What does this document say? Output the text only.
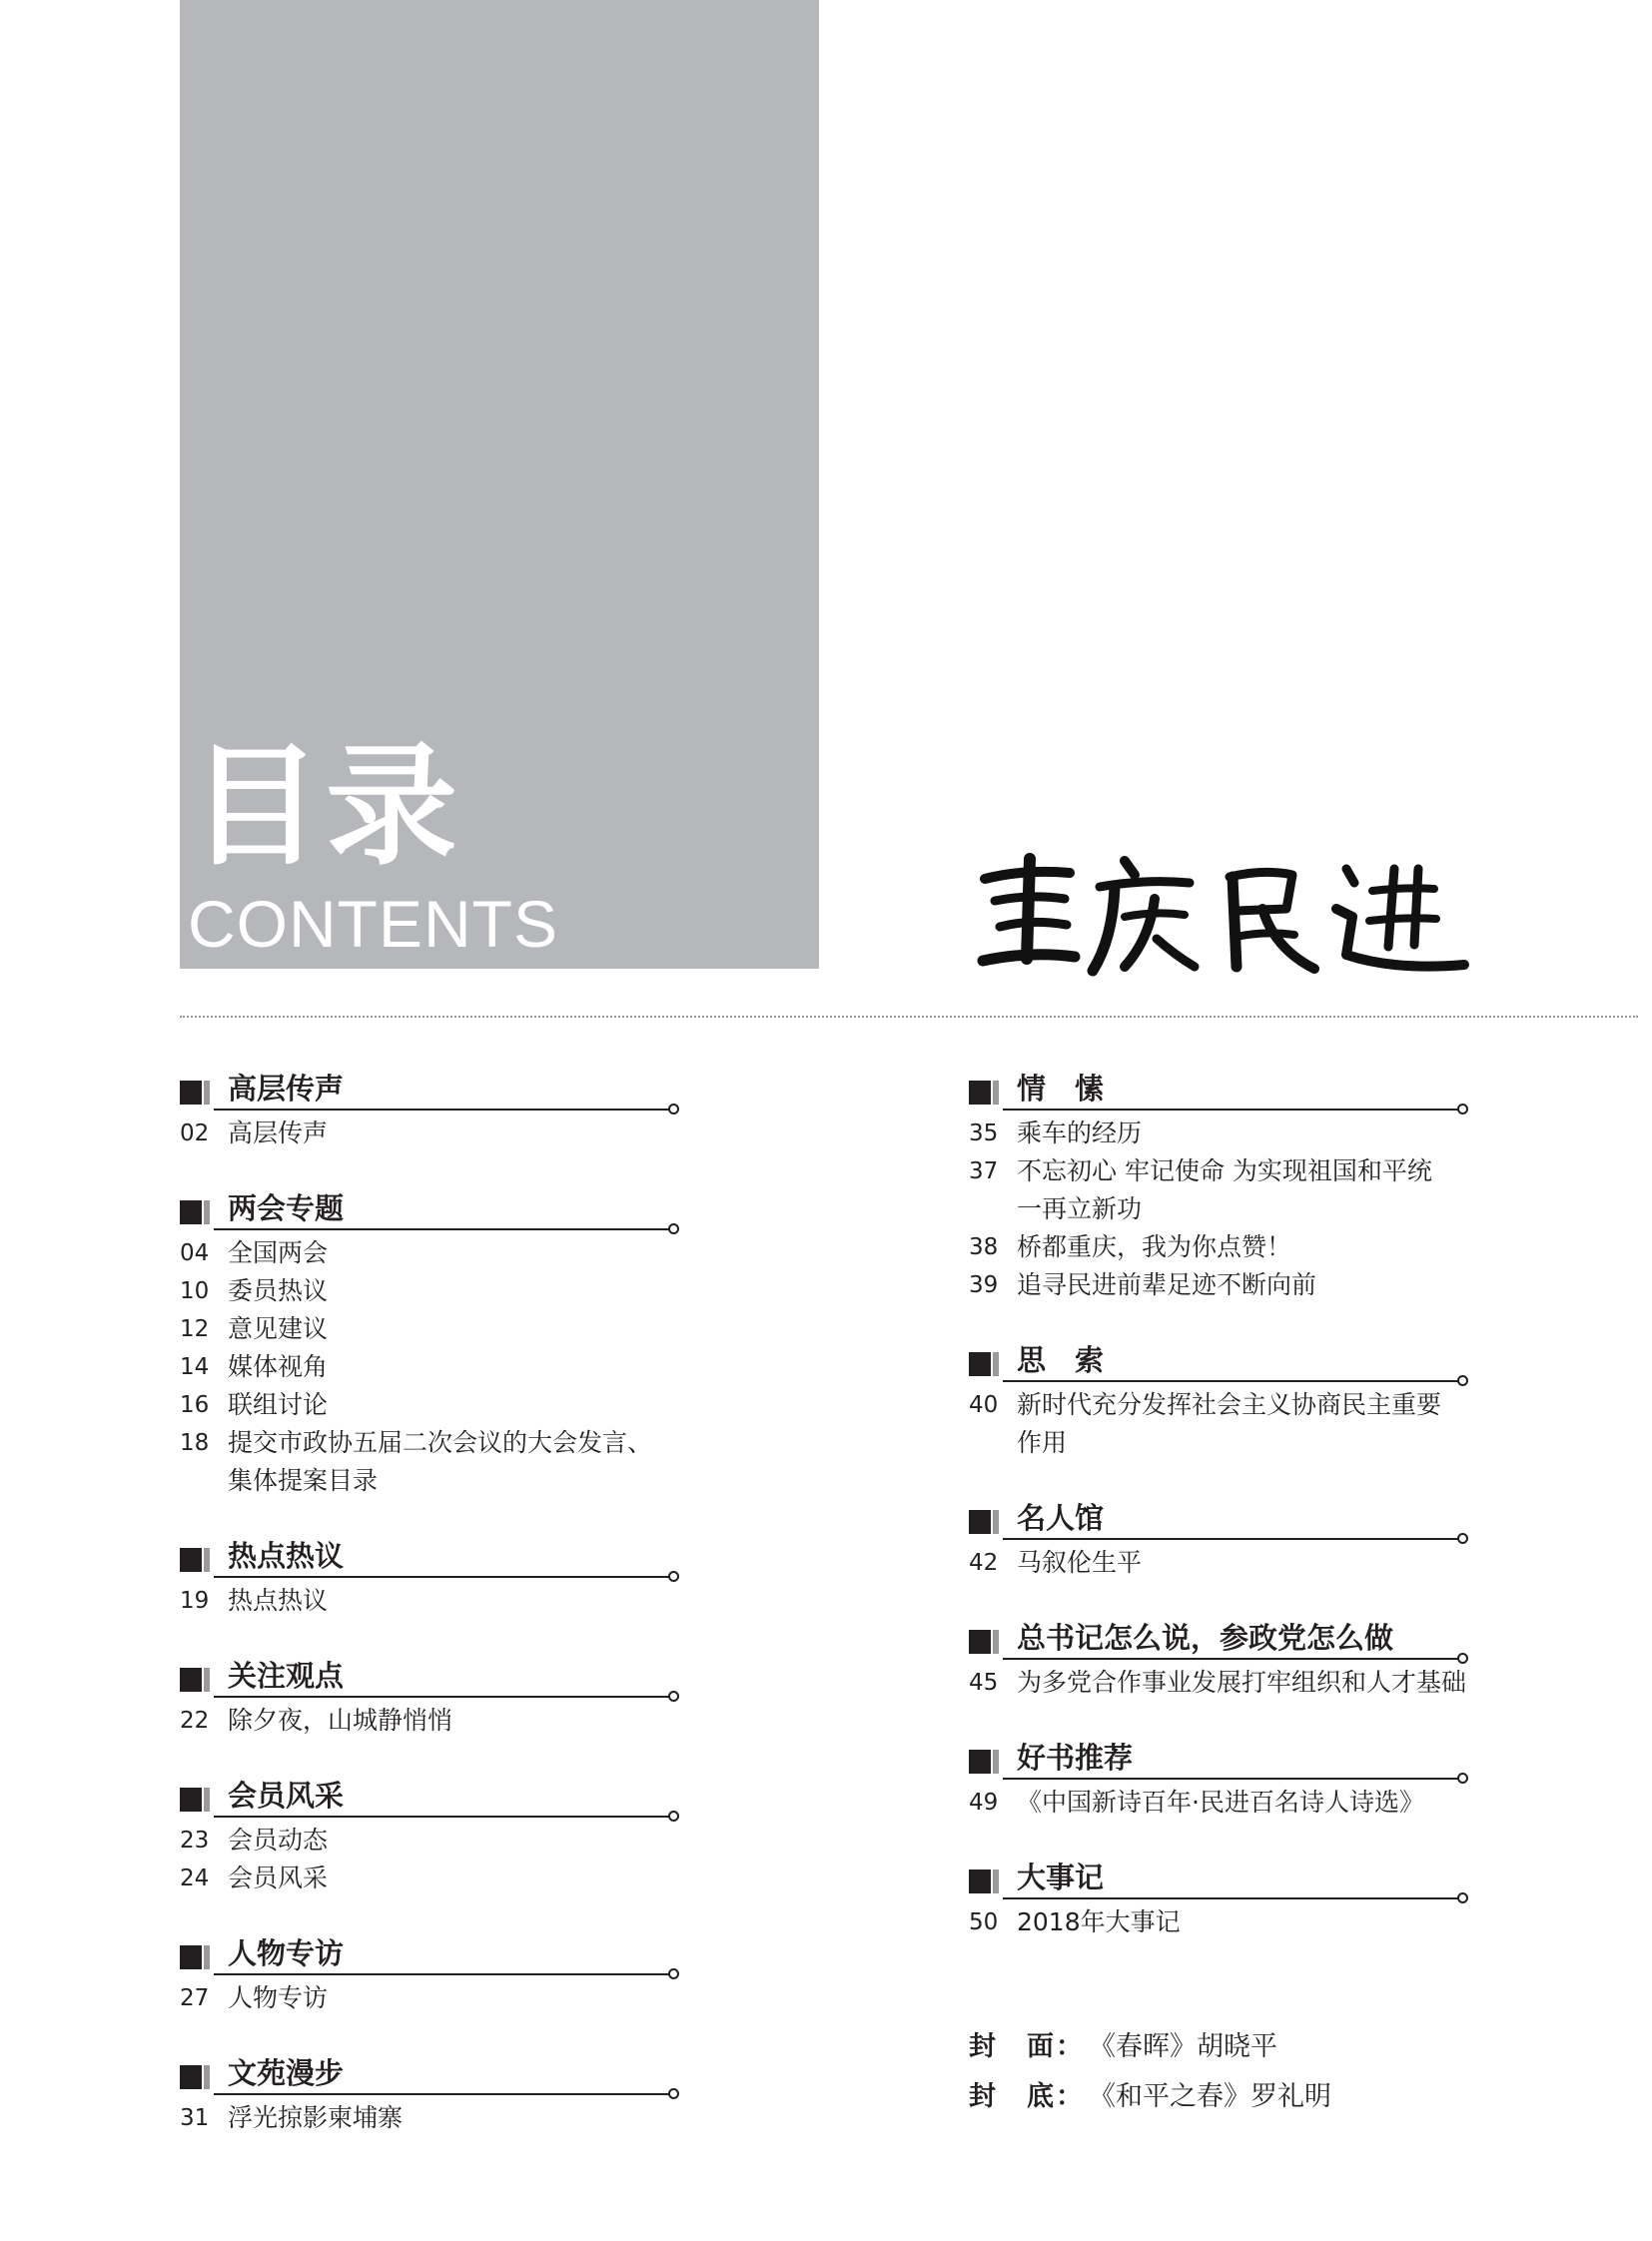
目录
CONTENTS
高层传声
02 高层传声
两会专题
04 全国两会
10 委员热议
12 意见建议
14 媒体视角
16 联组讨论
18 提交市政协五届二次会议的大会发言、集体提案目录
热点热议
19 热点热议
关注观点
22 除夕夜，山城静悄悄
会员风采
23 会员动态
24 会员风采
人物专访
27 人物专访
文苑漫步
31 浮光掠影柬埔寨
情　愫
35 乘车的经历
37 不忘初心 牢记使命 为实现祖国和平统一再立新功
38 桥都重庆，我为你点赞！
39 追寻民进前辈足迹不断向前
思　索
40 新时代充分发挥社会主义协商民主重要作用
名人馆
42 马叙伦生平
总书记怎么说，参政党怎么做
45 为多党合作事业发展打牢组织和人才基础
好书推荐
49 《中国新诗百年·民进百名诗人诗选》
大事记
50 2018年大事记
封　面： 《春晖》胡晓平
封　底： 《和平之春》罗礼明
